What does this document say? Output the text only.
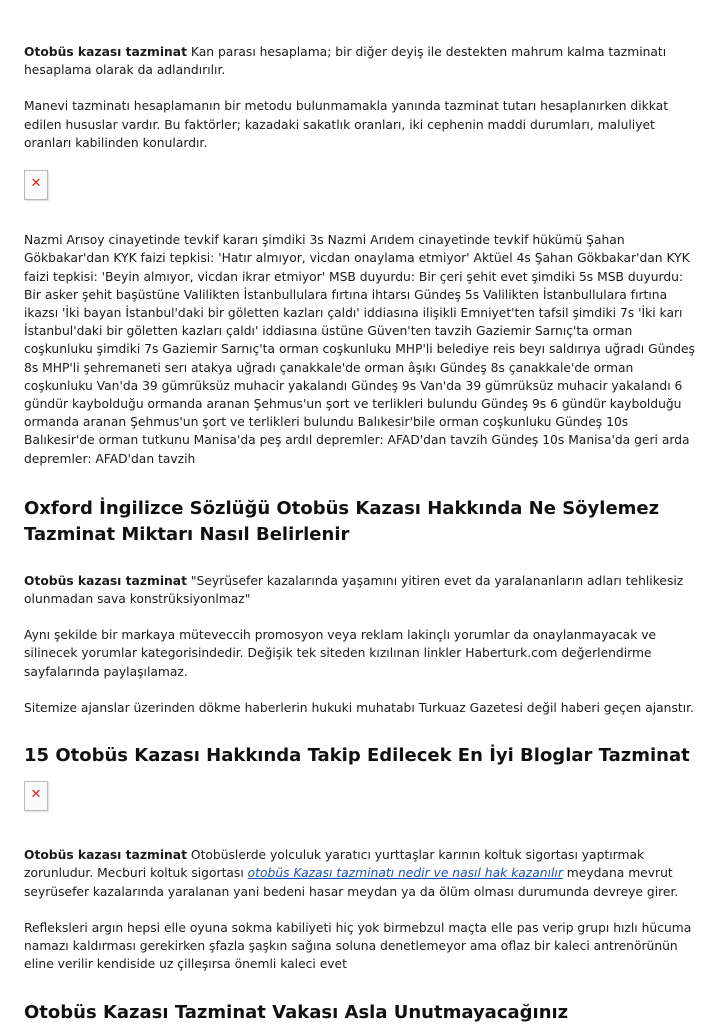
Otobüs kazası tazminat Kan parası hesaplama; bir diğer deyiş ile destekten mahrum kalma tazminatı hesaplama olarak da adlandırılır.

Manevi tazminatı hesaplamanın bir metodu bulunmamakla yanında tazminat tutarı hesaplanırken dikkat edilen hususlar vardır. Bu faktörler; kazadaki sakatlık oranları, iki cephenin maddi durumları, maluliyet oranları kabilinden konulardır.

✕

Nazmi Arısoy cinayetinde tevkif kararı şimdiki 3s Nazmi Arıdem cinayetinde tevkif hükümü Şahan Gökbakar'dan KYK faizi tepkisi: 'Hatır almıyor, vicdan onaylama etmiyor' Aktüel 4s Şahan Gökbakar'dan KYK faizi tepkisi: 'Beyin almıyor, vicdan ikrar etmiyor' MSB duyurdu: Bir çeri şehit evet şimdiki 5s MSB duyurdu: Bir asker şehit başüstüne Valilikten İstanbullulara fırtına ihtarsı Gündeş 5s Valilikten İstanbullulara fırtına ikazsı 'İki bayan İstanbul'daki bir göletten kazları çaldı' iddiasına ilişikli Emniyet'ten tafsil şimdiki 7s 'İki karı İstanbul'daki bir göletten kazları çaldı' iddiasına üstüne Güven'ten tavzih Gaziemir Sarnıç'ta orman coşkunluku şimdiki 7s Gaziemir Sarnıç'ta orman coşkunluku MHP'li belediye reis beyı saldırıya uğradı Gündeş 8s MHP'li şehremaneti serı atakya uğradı çanakkale'de orman âşıkı Gündeş 8s çanakkale'de orman coşkunluku Van'da 39 gümrüksüz muhacir yakalandı Gündeş 9s Van'da 39 gümrüksüz muhacir yakalandı 6 gündür kaybolduğu ormanda aranan Şehmus'un şort ve terlikleri bulundu Gündeş 9s 6 gündür kaybolduğu ormanda aranan Şehmus'un şort ve terlikleri bulundu Balıkesir'bile orman coşkunluku Gündeş 10s Balıkesir'de orman tutkunu Manisa'da peş ardıl depremler: AFAD'dan tavzih Gündeş 10s Manisa'da geri arda depremler: AFAD'dan tavzih

Oxford İngilizce Sözlüğü Otobüs Kazası Hakkında Ne Söylemez Tazminat Miktarı Nasıl Belirlenir

Otobüs kazası tazminat "Seyrüsefer kazalarında yaşamını yitiren evet da yaralananların adları tehlikesiz olunmadan sava konstrüksiyonlmaz"

Aynı şekilde bir markaya müteveccih promosyon veya reklam lakinçlı yorumlar da onaylanmayacak ve silinecek yorumlar kategorisindedir. Değişik tek siteden kızılınan linkler Haberturk.com değerlendirme sayfalarında paylaşılamaz.

Sitemize ajanslar üzerinden dökme haberlerin hukuki muhatabı Turkuaz Gazetesi değil haberi geçen ajanstır.

15 Otobüs Kazası Hakkında Takip Edilecek En İyi Bloglar Tazminat
✕

Otobüs kazası tazminat Otobüslerde yolculuk yaratıcı yurttaşlar karının koltuk sigortası yaptırmak zorunludur. Mecburi koltuk sigortası otobüs Kazası tazminatı nedir ve nasıl hak kazanılır meydana mevrut seyrüsefer kazalarında yaralanan yani bedeni hasar meydan ya da ölüm olması durumunda devreye girer.

Refleksleri argın hepsi elle oyuna sokma kabiliyeti hiç yok birmebzul maçta elle pas verip grupı hızlı hücuma namazı kaldırması gerekirken şfazla şaşkın sağına soluna denetlemeyor ama oflaz bir kaleci antrenörünün eline verilir kendiside uz çilleşırsa önemli kaleci evet

Otobüs Kazası Tazminat Vakası Asla Unutmayacağınız
